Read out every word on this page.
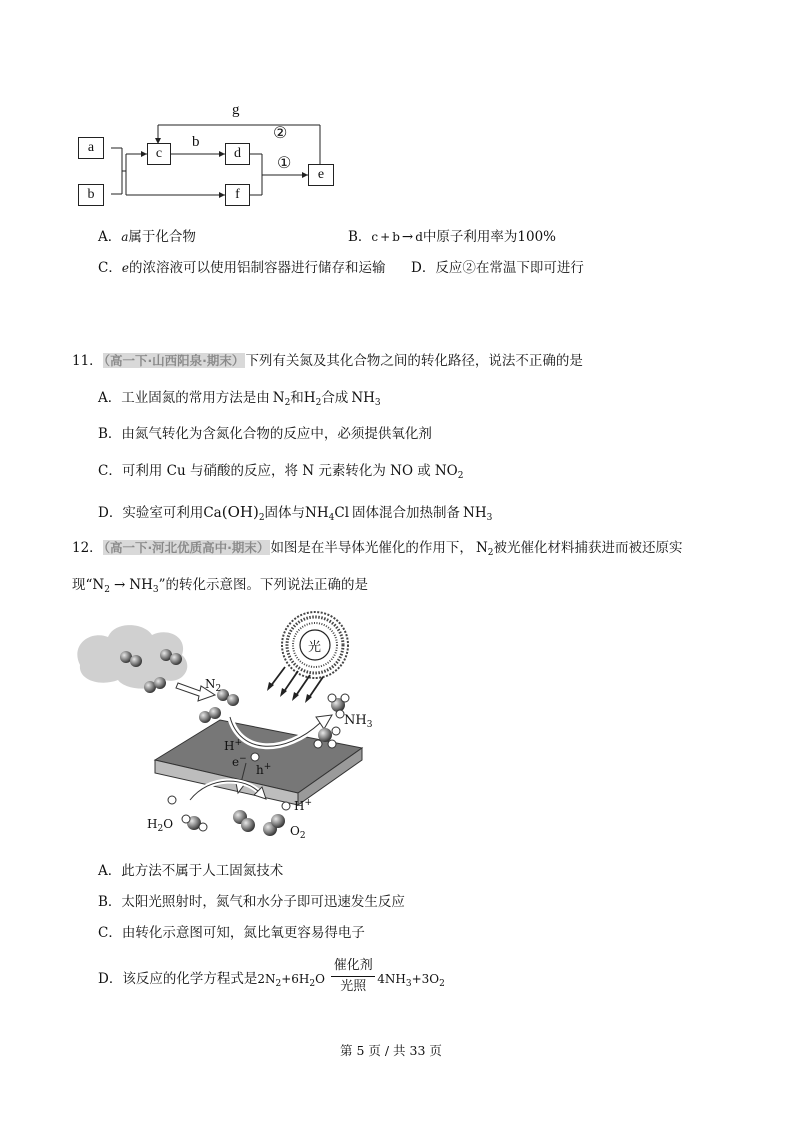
a
b
c	d
f
e
b
g
①
②
A．a属于化合物	B．c + b → d中原子利用率为100%
C．e的浓溶液可以使用铝制容器进行储存和运输 D．反应②在常温下即可进行
11．（高一下·山西阳泉·期末）下列有关氮及其化合物之间的转化路径，说法不正确的是
A．工业固氮的常用方法是由 $N_2$和$H_2$合成 $NH_3$
B．由氮气转化为含氮化合物的反应中，必须提供氧化剂
C．可利用 Cu 与硝酸的反应，将 N 元素转化为 NO 或 $NO_2$
D．实验室可利用$Ca(OH)_2$固体与$NH_4Cl$ 固体混合加热制备 $NH_3$
12．（高一下·河北优质高中·期末）如图是在半导体光催化的作用下， $N_2$被光催化材料捕获进而被还原实
现“$N_2 \to NH_3$”的转化示意图。下列说法正确的是
光
$N_2$
$NH_3$
H+
e−
h+
H+
$H_2O$	$O_2$
A．此方法不属于人工固氮技术
B．太阳光照射时，氮气和水分子即可迅速发生反应
C．由转化示意图可知，氮比氧更容易得电子
D．该反应的化学方程式是$2N_2+6H_2O$
催化剂
光照 $4NH_3+3O_2$
第 5 页 / 共 33 页
